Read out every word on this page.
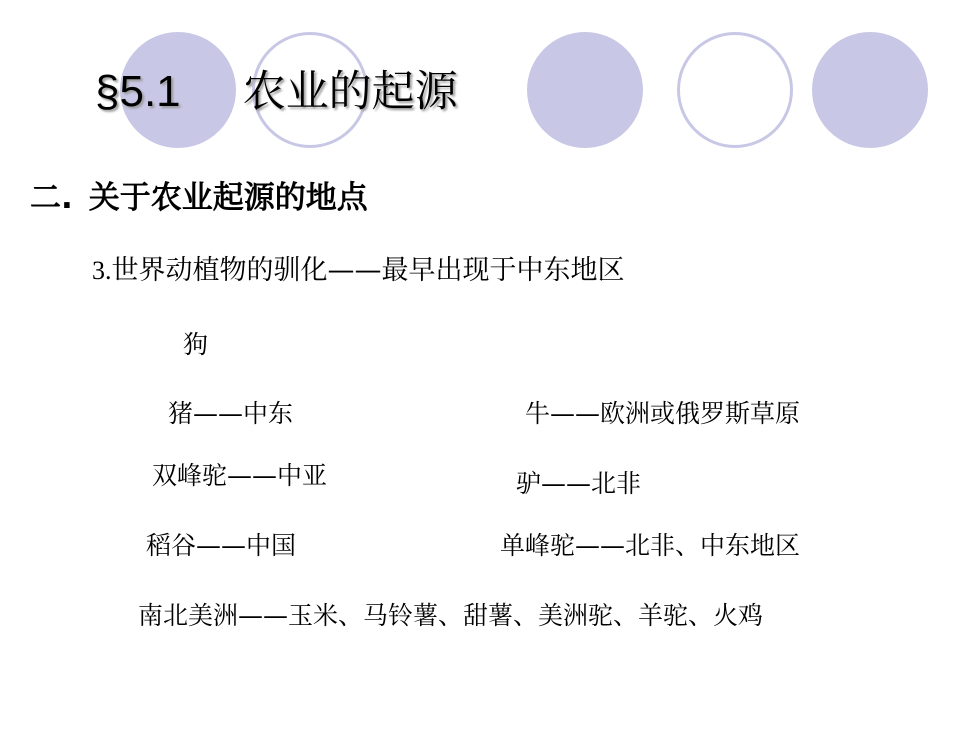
§5.1 农业的起源
二. 关于农业起源的地点
3.世界动植物的驯化——最早出现于中东地区
狗
猪——中东	牛——欧洲或俄罗斯草原
双峰驼——中亚	驴——北非
稻谷——中国	单峰驼——北非、中东地区
南北美洲——玉米、马铃薯、甜薯、美洲驼、羊驼、火鸡
